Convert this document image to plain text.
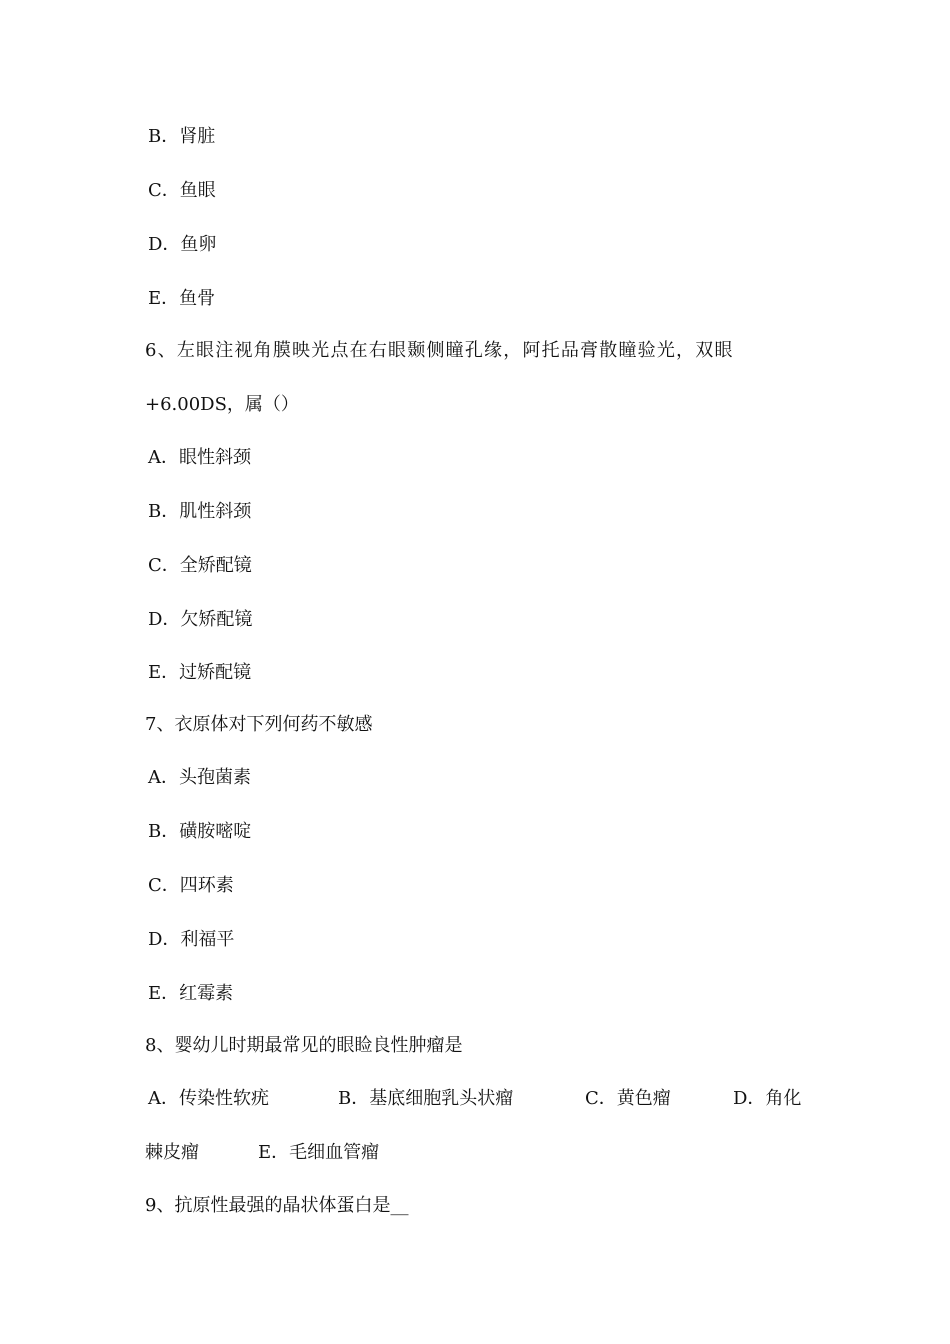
B．肾脏
C．鱼眼
D．鱼卵
E．鱼骨
6、左眼注视角膜映光点在右眼颞侧瞳孔缘，阿托品膏散瞳验光，双眼
+6.00DS，属（）
A．眼性斜颈
B．肌性斜颈
C．全矫配镜
D．欠矫配镜
E．过矫配镜
7、衣原体对下列何药不敏感
A．头孢菌素
B．磺胺嘧啶
C．四环素
D．利福平
E．红霉素
8、婴幼儿时期最常见的眼睑良性肿瘤是
A．传染性软疣	B．基底细胞乳头状瘤	C．黄色瘤	D．角化
棘皮瘤	E．毛细血管瘤
9、抗原性最强的晶状体蛋白是__
